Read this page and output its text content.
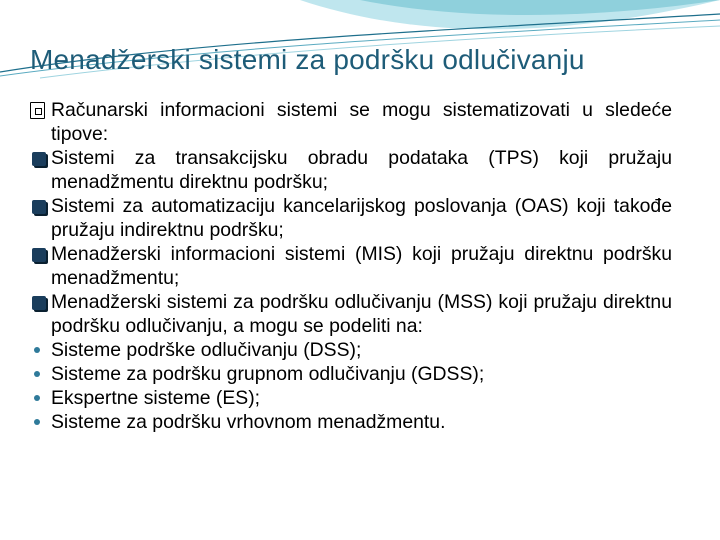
Menadžerski sistemi za podršku odlučivanju
Računarski informacioni sistemi se mogu sistematizovati u sledeće tipove:
Sistemi za transakcijsku obradu podataka (TPS) koji pružaju menadžmentu direktnu podršku;
Sistemi za automatizaciju kancelarijskog poslovanja (OAS) koji takođe pružaju indirektnu podršku;
Menadžerski informacioni sistemi (MIS) koji pružaju direktnu podršku menadžmentu;
Menadžerski sistemi za podršku odlučivanju (MSS) koji pružaju direktnu podršku odlučivanju, a mogu se podeliti na:
Sisteme podrške odlučivanju (DSS);
Sisteme za podršku grupnom odlučivanju (GDSS);
Ekspertne sisteme (ES);
Sisteme za podršku vrhovnom menadžmentu.
